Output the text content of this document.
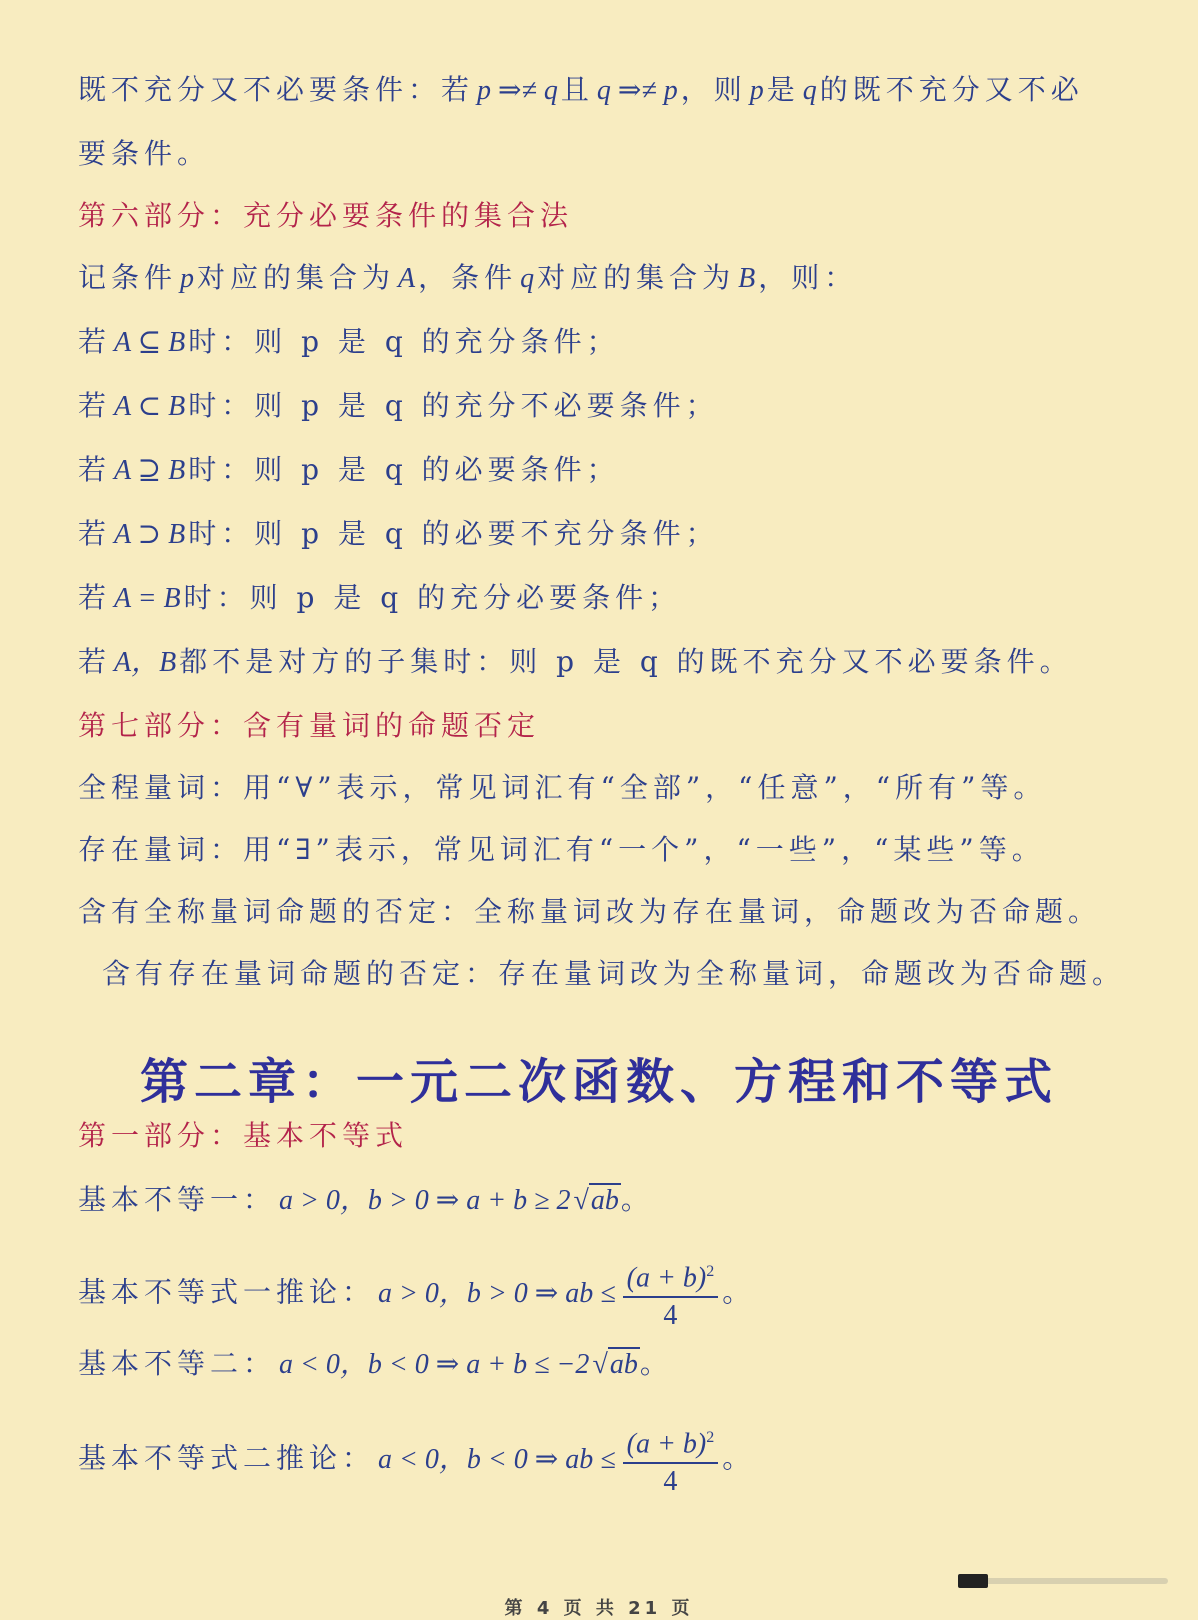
既不充分又不必要条件：若 p ⇒≠ q 且 q ⇒≠ p ，则 p 是 q 的既不充分又不必
要条件。
第六部分：充分必要条件的集合法
记条件 p 对应的集合为 A ，条件 q 对应的集合为 B ，则：
若 A ⊆ B 时：则 p 是 q 的充分条件；
若 A ⊂ B 时：则 p 是 q 的充分不必要条件；
若 A ⊇ B 时：则 p 是 q 的必要条件；
若 A ⊃ B 时：则 p 是 q 的必要不充分条件；
若 A = B 时：则 p 是 q 的充分必要条件；
若 A，B 都不是对方的子集时：则 p 是 q 的既不充分又不必要条件。
第七部分：含有量词的命题否定
全程量词：用“∀”表示，常见词汇有“全部”，“任意”，“所有”等。
存在量词：用“∃”表示，常见词汇有“一个”，“一些”，“某些”等。
含有全称量词命题的否定：全称量词改为存在量词，命题改为否命题。
含有存在量词命题的否定：存在量词改为全称量词，命题改为否命题。
第二章：一元二次函数、方程和不等式
第一部分：基本不等式
基本不等一： a > 0，b > 0 ⇒ a + b ≥ 2 √ab。
基本不等式一推论： a > 0，b > 0 ⇒ ab ≤ $\frac{(a + b)^2}{4}$ 。
基本不等二： a < 0，b < 0 ⇒ a + b ≤ −2 √ab。
基本不等式二推论： a < 0，b < 0 ⇒ ab ≤ $\frac{(a + b)^2}{4}$ 。
第 4 页 共 21 页
